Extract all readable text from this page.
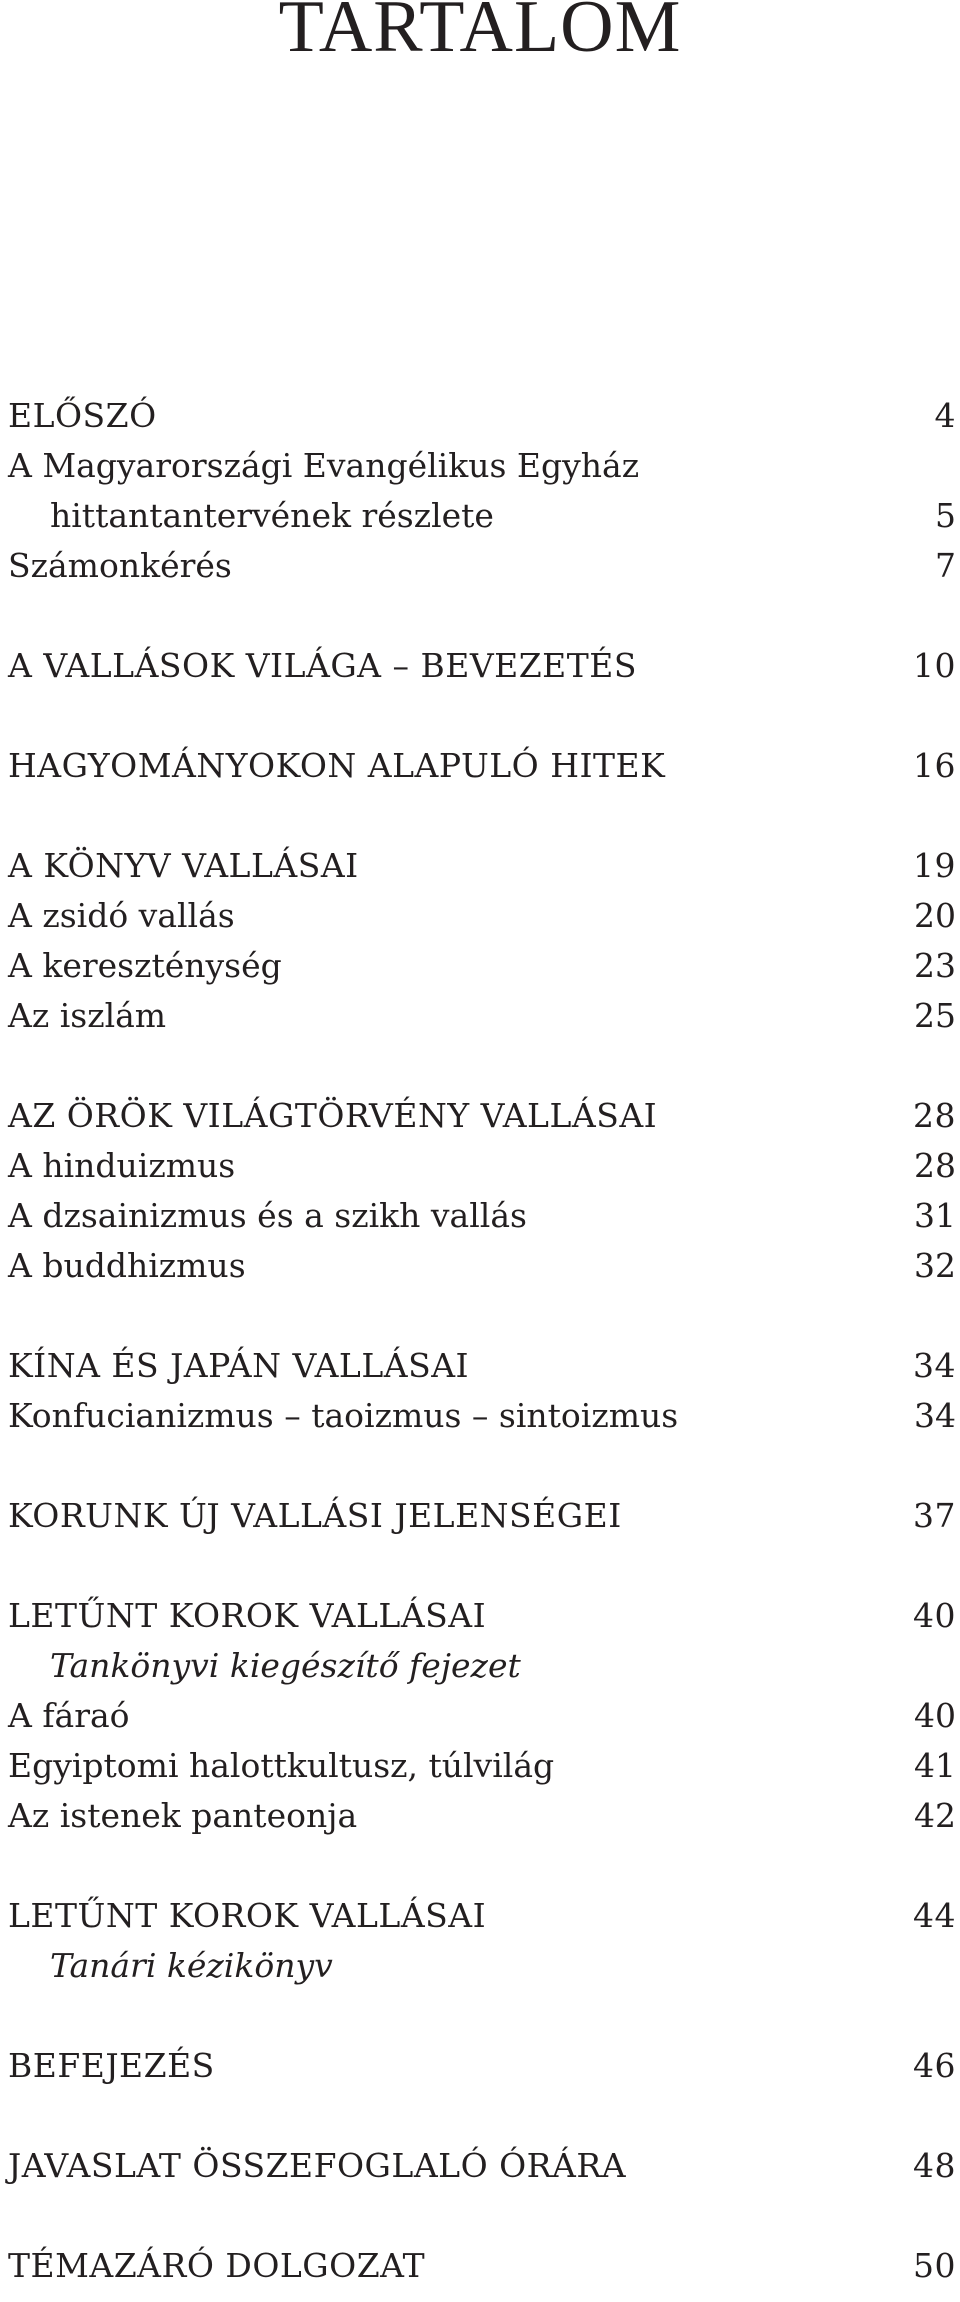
TARTALOM
ELŐSZÓ	4
A Magyarországi Evangélikus Egyház
hittantantervének részlete	5
Számonkérés	7
A VALLÁSOK VILÁGA – BEVEZETÉS	10
HAGYOMÁNYOKON ALAPULÓ HITEK	16
A KÖNYV VALLÁSAI	19
A zsidó vallás	20
A kereszténység	23
Az iszlám	25
AZ ÖRÖK VILÁGTÖRVÉNY VALLÁSAI	28
A hinduizmus	28
A dzsainizmus és a szikh vallás	31
A buddhizmus	32
KÍNA ÉS JAPÁN VALLÁSAI	34
Konfucianizmus – taoizmus – sintoizmus	34
KORUNK ÚJ VALLÁSI JELENSÉGEI	37
LETŰNT KOROK VALLÁSAI	40
Tankönyvi kiegészítő fejezet
A fáraó	40
Egyiptomi halottkultusz, túlvilág	41
Az istenek panteonja	42
LETŰNT KOROK VALLÁSAI	44
Tanári kézikönyv
BEFEJEZÉS	46
JAVASLAT ÖSSZEFOGLALÓ ÓRÁRA	48
TÉMAZÁRÓ DOLGOZAT	50
